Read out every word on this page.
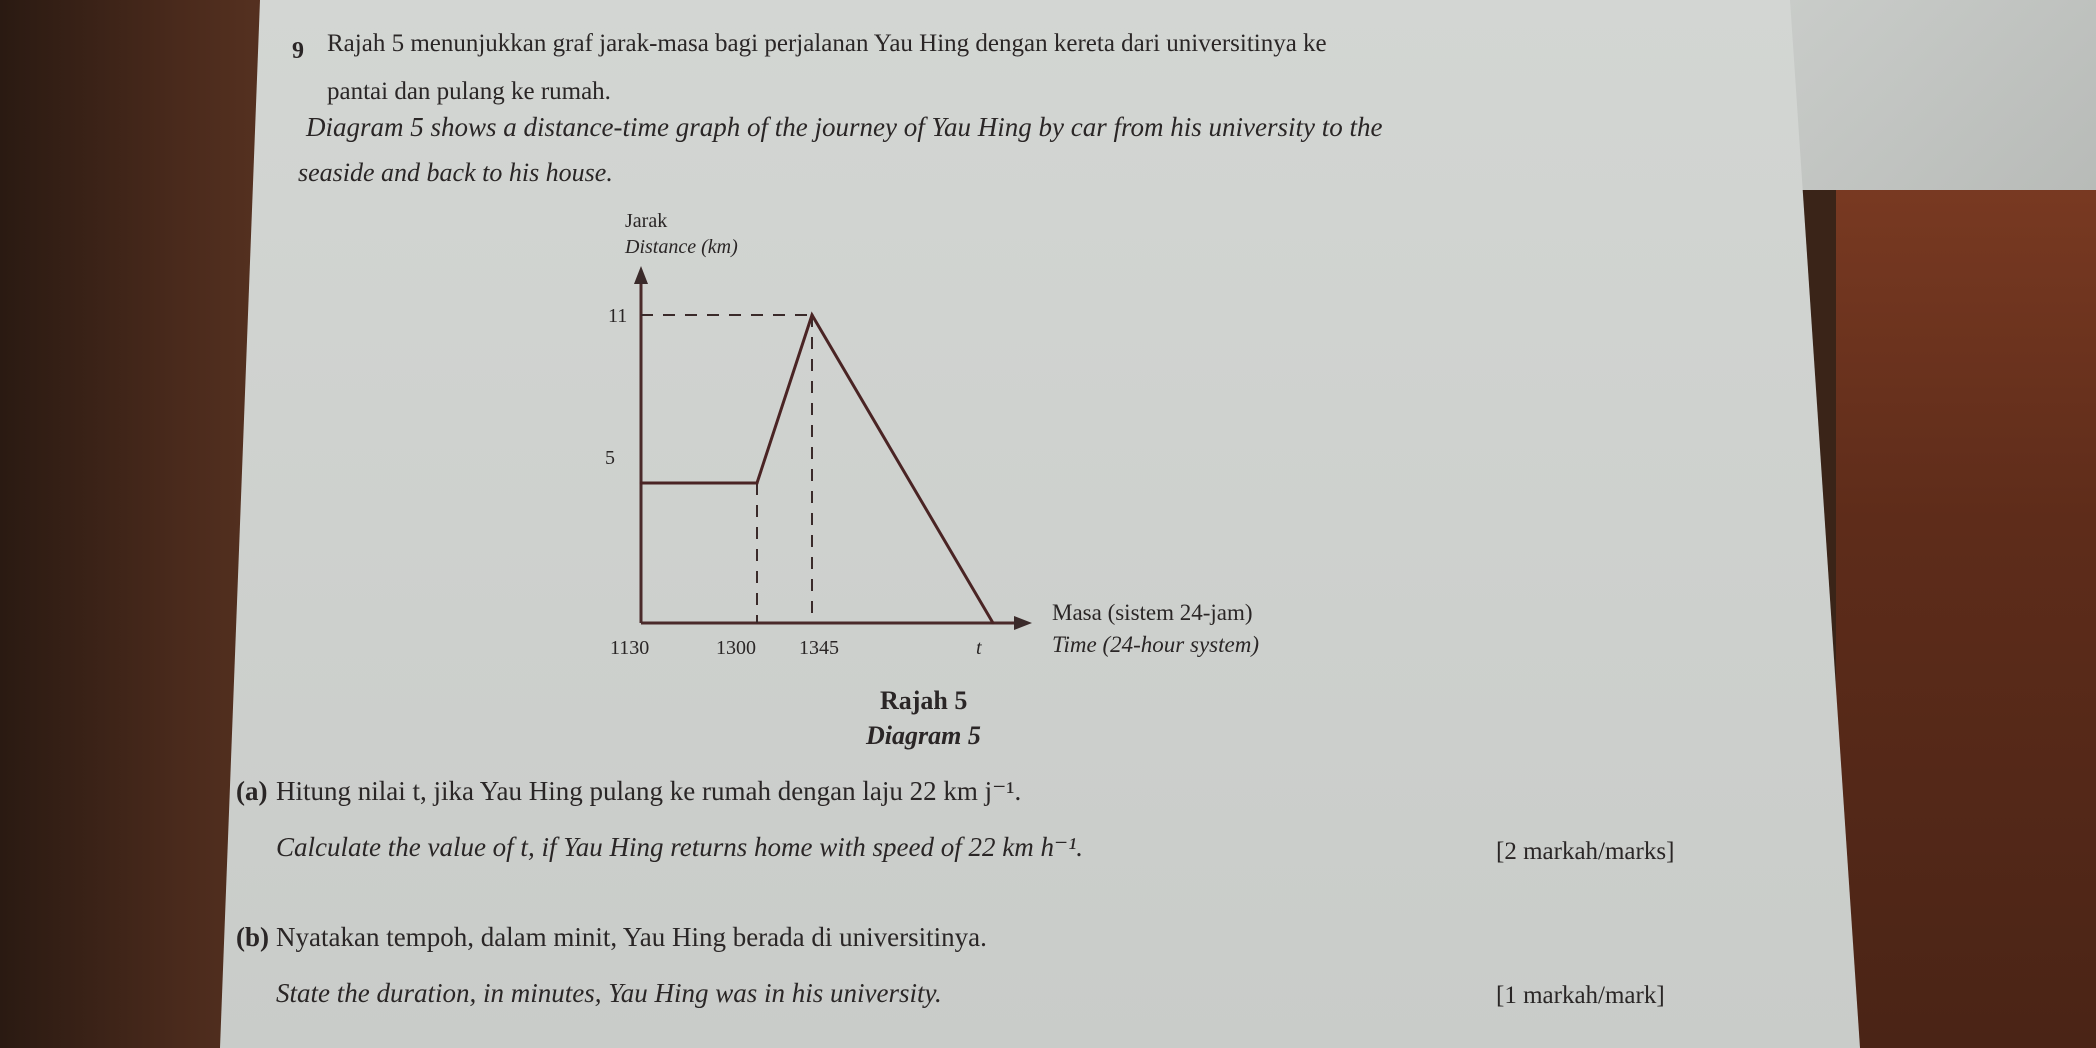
9 Rajah 5 menunjukkan graf jarak-masa bagi perjalanan Yau Hing dengan kereta dari universitinya ke
pantai dan pulang ke rumah.
Diagram 5 shows a distance-time graph of the journey of Yau Hing by car from his university to the
seaside and back to his house.
Jarak
Distance (km)
11
5
1130	1300 1345	t
Masa (sistem 24-jam)
Time (24-hour system)
Rajah 5
Diagram 5
(a) Hitung nilai t, jika Yau Hing pulang ke rumah dengan laju 22 km j⁻¹.
Calculate the value of t, if Yau Hing returns home with speed of 22 km h⁻¹.	[2 markah/marks]
(b) Nyatakan tempoh, dalam minit, Yau Hing berada di universitinya.
State the duration, in minutes, Yau Hing was in his university.	[1 markah/mark]
